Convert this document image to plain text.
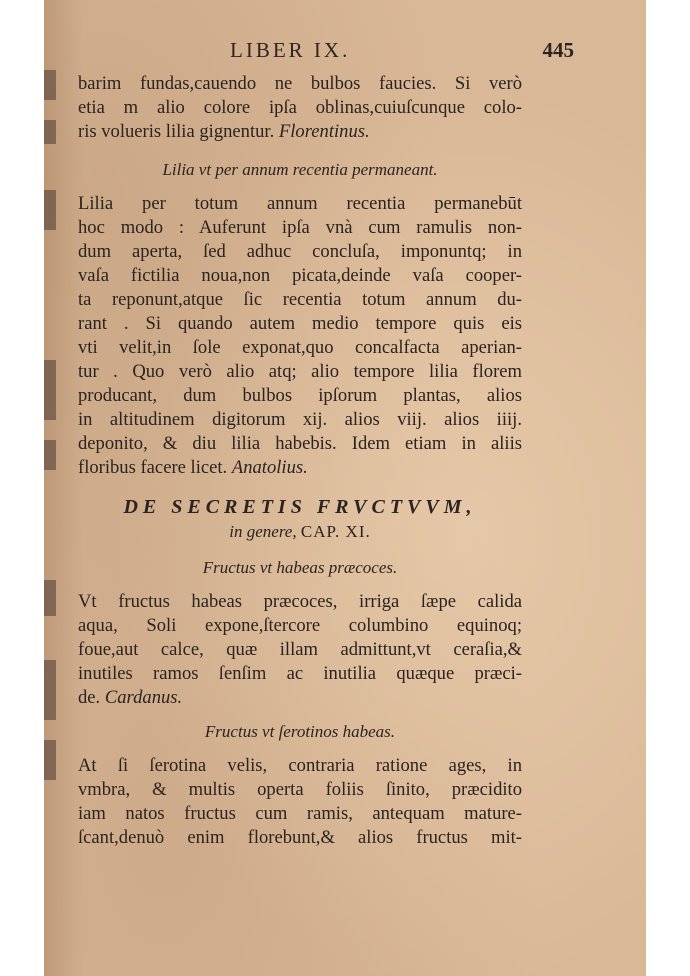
LIBER IX.	445
barim fundas,cauendo ne bulbos faucies. Si verò
etia m alio colore ipſa oblinas,cuiuſcunque colo-
ris volueris lilia gignentur. Florentinus.
Lilia vt per annum recentia permaneant.
Lilia per totum annum recentia permanebūt
hoc modo : Auferunt ipſa vnà cum ramulis non-
dum aperta, ſed adhuc concluſa, imponuntq; in
vaſa fictilia noua,non picata,deinde vaſa cooper-
ta reponunt,atque ſic recentia totum annum du-
rant . Si quando autem medio tempore quis eis
vti velit,in ſole exponat,quo concalfacta aperian-
tur . Quo verò alio atq; alio tempore lilia florem
producant, dum bulbos ipſorum plantas, alios
in altitudinem digitorum xij. alios viij. alios iiij.
deponito, & diu lilia habebis. Idem etiam in aliis
floribus facere licet. Anatolius.
DE SECRETIS FRVCTVVM,
in genere, CAP. XI.
Fructus vt habeas præcoces.
Vt fructus habeas præcoces, irriga ſæpe calida
aqua, Soli expone,ſtercore columbino equinoq;
foue,aut calce, quæ illam admittunt,vt ceraſia,&
inutiles ramos ſenſim ac inutilia quæque præci-
de. Cardanus.
Fructus vt ſerotinos habeas.
At ſi ſerotina velis, contraria ratione ages, in
vmbra, & multis operta foliis ſinito, præcidito
iam natos fructus cum ramis, antequam mature-
ſcant,denuò enim florebunt,& alios fructus mit-
